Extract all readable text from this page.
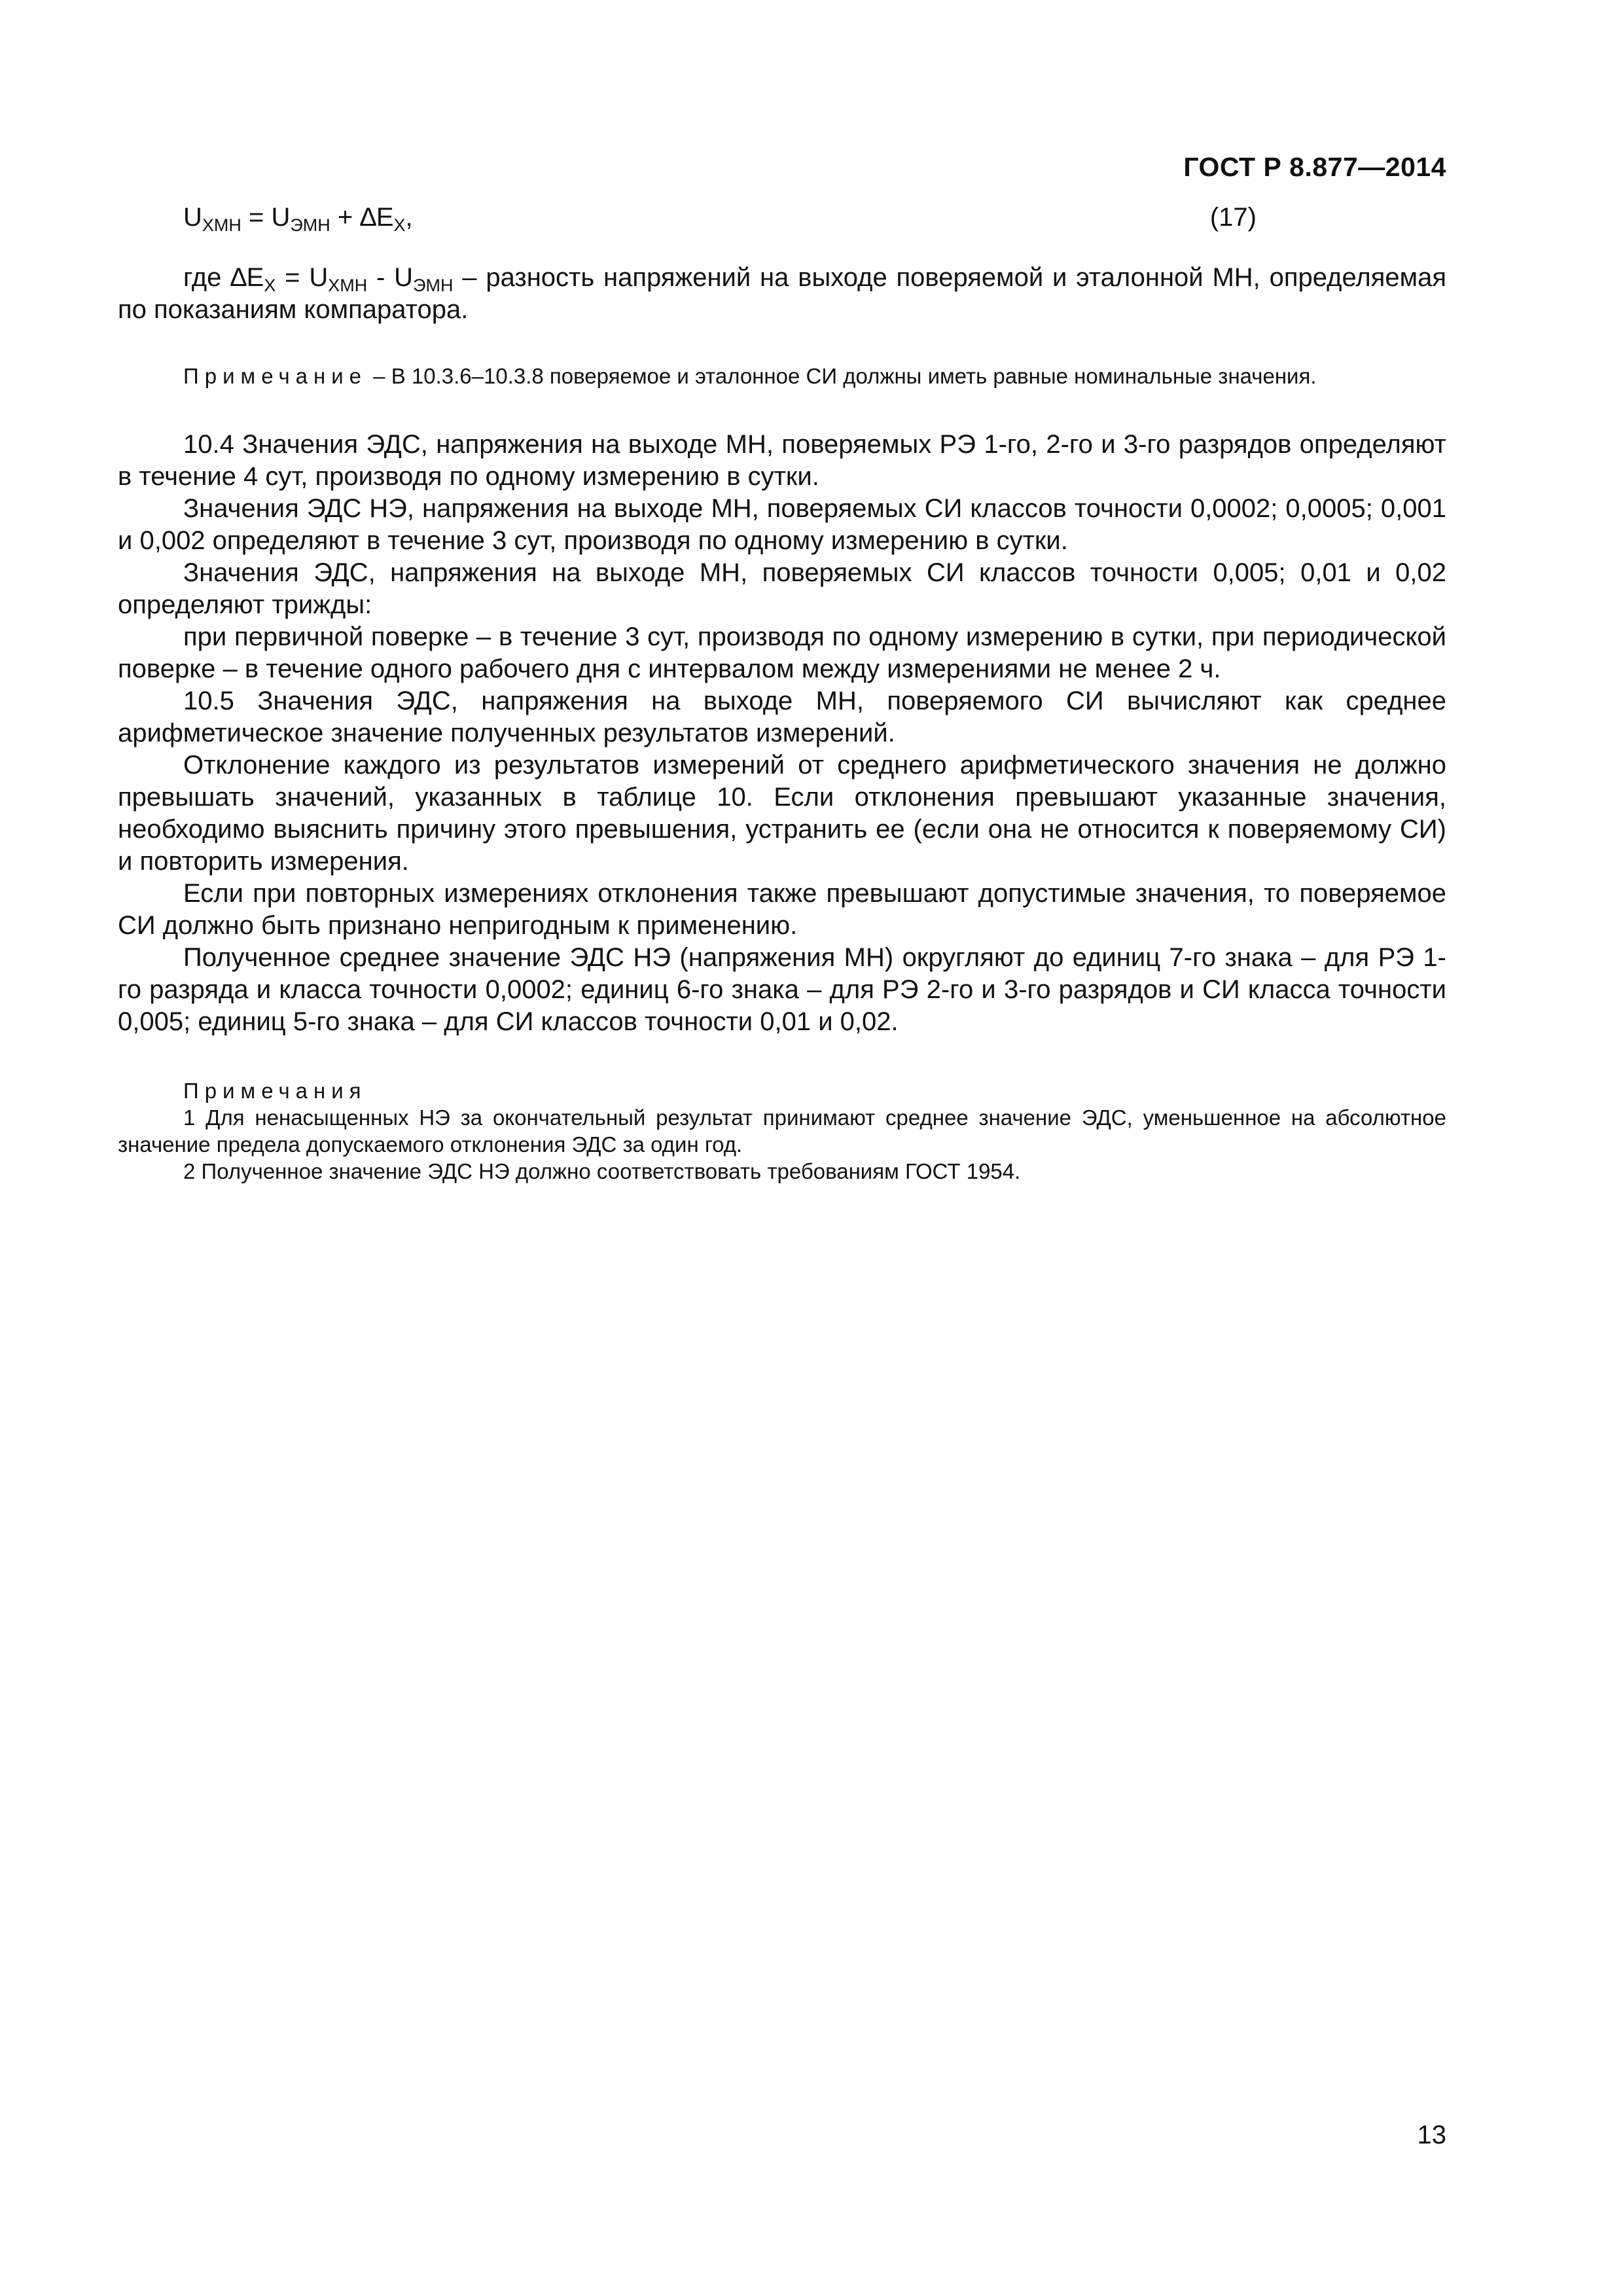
ГОСТ Р 8.877—2014
$U_{ХМН} = U_{ЭМН} + \Delta E_Х$,	(17)

где $\Delta E_Х = U_{ХМН} - U_{ЭМН}$ – разность напряжений на выходе поверяемой и эталонной МН, определяемая по показаниям компаратора.

Примечание – В 10.3.6–10.3.8 поверяемое и эталонное СИ должны иметь равные номинальные значения.

10.4 Значения ЭДС, напряжения на выходе МН, поверяемых РЭ 1-го, 2-го и 3-го разрядов определяют в течение 4 сут, производя по одному измерению в сутки.

Значения ЭДС НЭ, напряжения на выходе МН, поверяемых СИ классов точности 0,0002; 0,0005; 0,001 и 0,002 определяют в течение 3 сут, производя по одному измерению в сутки.

Значения ЭДС, напряжения на выходе МН, поверяемых СИ классов точности 0,005; 0,01 и 0,02 определяют трижды:

при первичной поверке – в течение 3 сут, производя по одному измерению в сутки, при периодической поверке – в течение одного рабочего дня с интервалом между измерениями не менее 2 ч.

10.5 Значения ЭДС, напряжения на выходе МН, поверяемого СИ вычисляют как среднее арифметическое значение полученных результатов измерений.

Отклонение каждого из результатов измерений от среднего арифметического значения не должно превышать значений, указанных в таблице 10. Если отклонения превышают указанные значения, необходимо выяснить причину этого превышения, устранить ее (если она не относится к поверяемому СИ) и повторить измерения.

Если при повторных измерениях отклонения также превышают допустимые значения, то поверяемое СИ должно быть признано непригодным к применению.

Полученное среднее значение ЭДС НЭ (напряжения МН) округляют до единиц 7-го знака – для РЭ 1-го разряда и класса точности 0,0002; единиц 6-го знака – для РЭ 2-го и 3-го разрядов и СИ класса точности 0,005; единиц 5-го знака – для СИ классов точности 0,01 и 0,02.

Примечания

1 Для ненасыщенных НЭ за окончательный результат принимают среднее значение ЭДС, уменьшенное на абсолютное значение предела допускаемого отклонения ЭДС за один год.

2 Полученное значение ЭДС НЭ должно соответствовать требованиям ГОСТ 1954.

13
